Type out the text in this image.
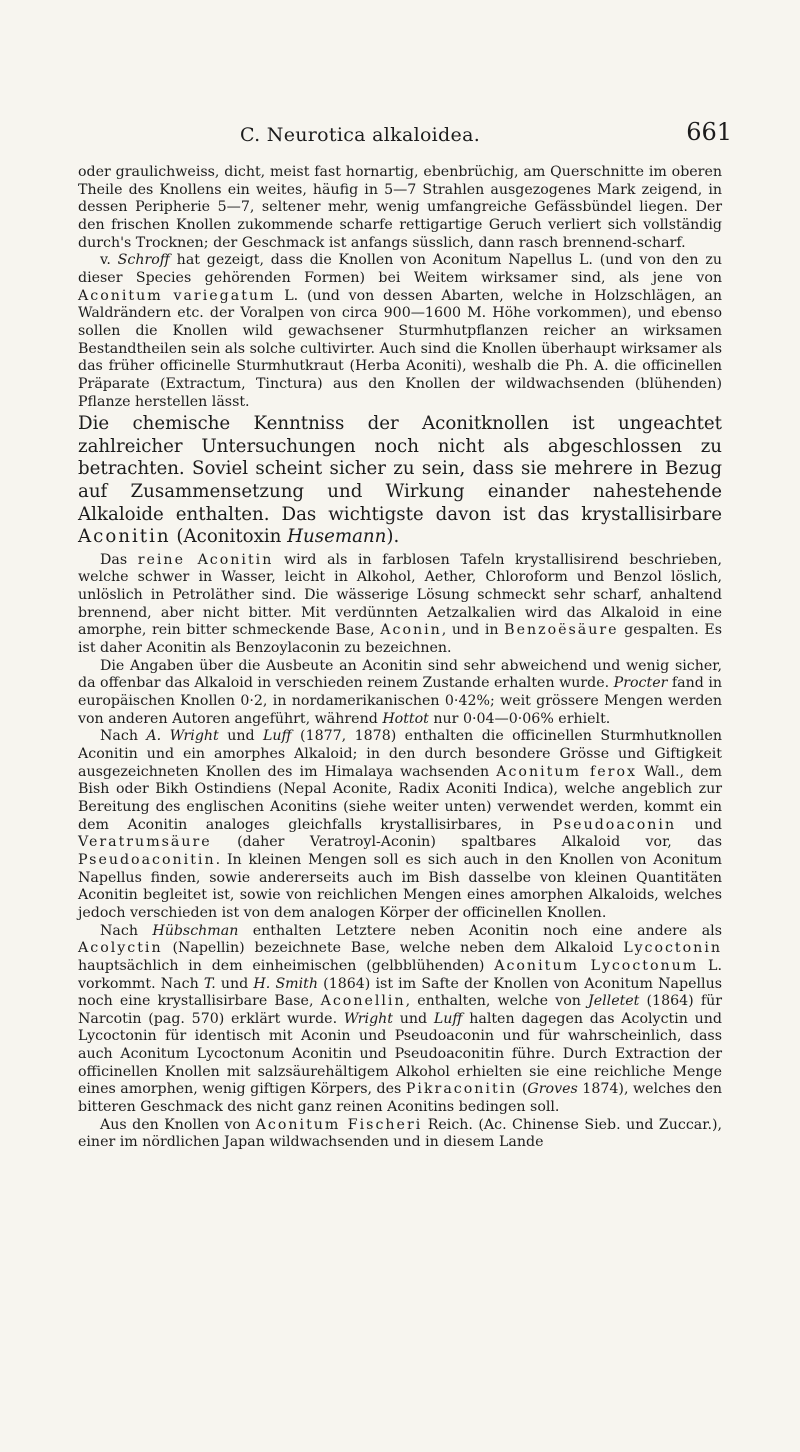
C. Neurotica alkaloidea.	661

oder graulichweiss, dicht, meist fast hornartig, ebenbrüchig, am Querschnitte im oberen Theile des Knollens ein weites, häufig in 5—7 Strahlen ausgezogenes Mark zeigend, in dessen Peripherie 5—7, seltener mehr, wenig umfangreiche Gefässbündel liegen. Der den frischen Knollen zukommende scharfe rettigartige Geruch verliert sich vollständig durch's Trocknen; der Geschmack ist anfangs süsslich, dann rasch brennend-scharf.

v. Schroff hat gezeigt, dass die Knollen von Aconitum Napellus L. (und von den zu dieser Species gehörenden Formen) bei Weitem wirksamer sind, als jene von Aconitum variegatum L. (und von dessen Abarten, welche in Holzschlägen, an Waldrändern etc. der Voralpen von circa 900—1600 M. Höhe vorkommen), und ebenso sollen die Knollen wild gewachsener Sturmhutpflanzen reicher an wirksamen Bestandtheilen sein als solche cultivirter. Auch sind die Knollen überhaupt wirksamer als das früher officinelle Sturmhutkraut (Herba Aconiti), weshalb die Ph. A. die officinellen Präparate (Extractum, Tinctura) aus den Knollen der wildwachsenden (blühenden) Pflanze herstellen lässt.

Die chemische Kenntniss der Aconitknollen ist ungeachtet zahlreicher Untersuchungen noch nicht als abgeschlossen zu betrachten. Soviel scheint sicher zu sein, dass sie mehrere in Bezug auf Zusammensetzung und Wirkung einander nahestehende Alkaloide enthalten. Das wichtigste davon ist das krystallisirbare Aconitin (Aconitoxin Husemann).

Das reine Aconitin wird als in farblosen Tafeln krystallisirend beschrieben, welche schwer in Wasser, leicht in Alkohol, Aether, Chloroform und Benzol löslich, unlöslich in Petroläther sind. Die wässerige Lösung schmeckt sehr scharf, anhaltend brennend, aber nicht bitter. Mit verdünnten Aetzalkalien wird das Alkaloid in eine amorphe, rein bitter schmeckende Base, Aconin, und in Benzoësäure gespalten. Es ist daher Aconitin als Benzoylaconin zu bezeichnen.

Die Angaben über die Ausbeute an Aconitin sind sehr abweichend und wenig sicher, da offenbar das Alkaloid in verschieden reinem Zustande erhalten wurde. Procter fand in europäischen Knollen 0·2, in nordamerikanischen 0·42%; weit grössere Mengen werden von anderen Autoren angeführt, während Hottot nur 0·04—0·06% erhielt.

Nach A. Wright und Luff (1877, 1878) enthalten die officinellen Sturmhutknollen Aconitin und ein amorphes Alkaloid; in den durch besondere Grösse und Giftigkeit ausgezeichneten Knollen des im Himalaya wachsenden Aconitum ferox Wall., dem Bish oder Bikh Ostindiens (Nepal Aconite, Radix Aconiti Indica), welche angeblich zur Bereitung des englischen Aconitins (siehe weiter unten) verwendet werden, kommt ein dem Aconitin analoges gleichfalls krystallisirbares, in Pseudoaconin und Veratrumsäure (daher Veratroyl-Aconin) spaltbares Alkaloid vor, das Pseudoaconitin. In kleinen Mengen soll es sich auch in den Knollen von Aconitum Napellus finden, sowie andererseits auch im Bish dasselbe von kleinen Quantitäten Aconitin begleitet ist, sowie von reichlichen Mengen eines amorphen Alkaloids, welches jedoch verschieden ist von dem analogen Körper der officinellen Knollen.

Nach Hübschman enthalten Letztere neben Aconitin noch eine andere als Acolyctin (Napellin) bezeichnete Base, welche neben dem Alkaloid Lycoctonin hauptsächlich in dem einheimischen (gelbblühenden) Aconitum Lycoctonum L. vorkommt. Nach T. und H. Smith (1864) ist im Safte der Knollen von Aconitum Napellus noch eine krystallisirbare Base, Aconellin, enthalten, welche von Jelletet (1864) für Narcotin (pag. 570) erklärt wurde. Wright und Luff halten dagegen das Acolyctin und Lycoctonin für identisch mit Aconin und Pseudoaconin und für wahrscheinlich, dass auch Aconitum Lycoctonum Aconitin und Pseudoaconitin führe. Durch Extraction der officinellen Knollen mit salzsäurehältigem Alkohol erhielten sie eine reichliche Menge eines amorphen, wenig giftigen Körpers, des Pikraconitin (Groves 1874), welches den bitteren Geschmack des nicht ganz reinen Aconitins bedingen soll.

Aus den Knollen von Aconitum Fischeri Reich. (Ac. Chinense Sieb. und Zuccar.), einer im nördlichen Japan wildwachsenden und in diesem Lande
